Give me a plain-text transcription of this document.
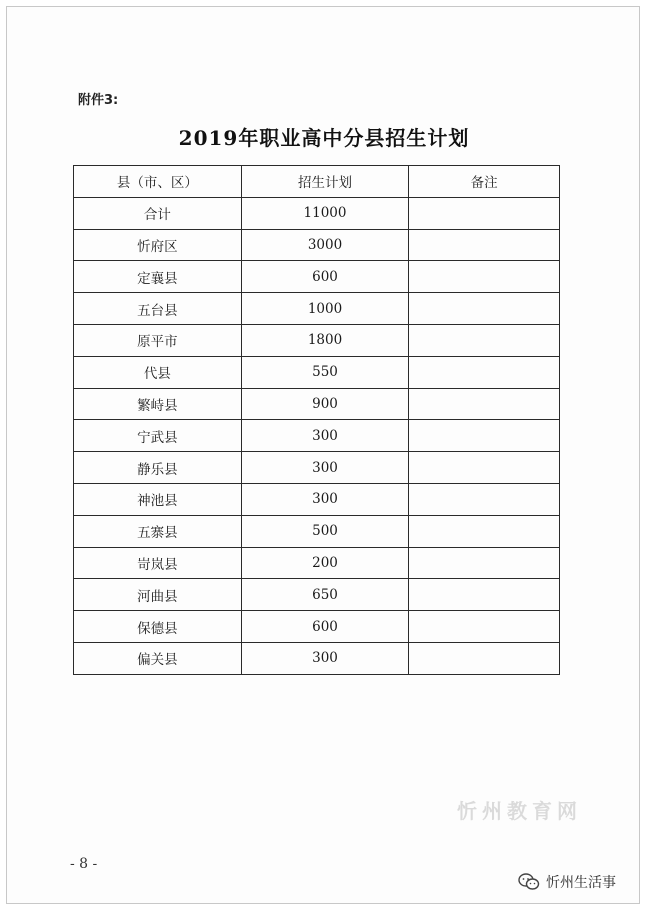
附件3:
2019年职业高中分县招生计划
县（市、区）	招生计划	备注
合计	11000	
忻府区	3000	
定襄县	600	
五台县	1000	
原平市	1800	
代县	550	
繁峙县	900	
宁武县	300	
静乐县	300	
神池县	300	
五寨县	500	
岢岚县	200	
河曲县	650	
保德县	600	
偏关县	300	
忻州教育网
- 8 -
忻州生活事
